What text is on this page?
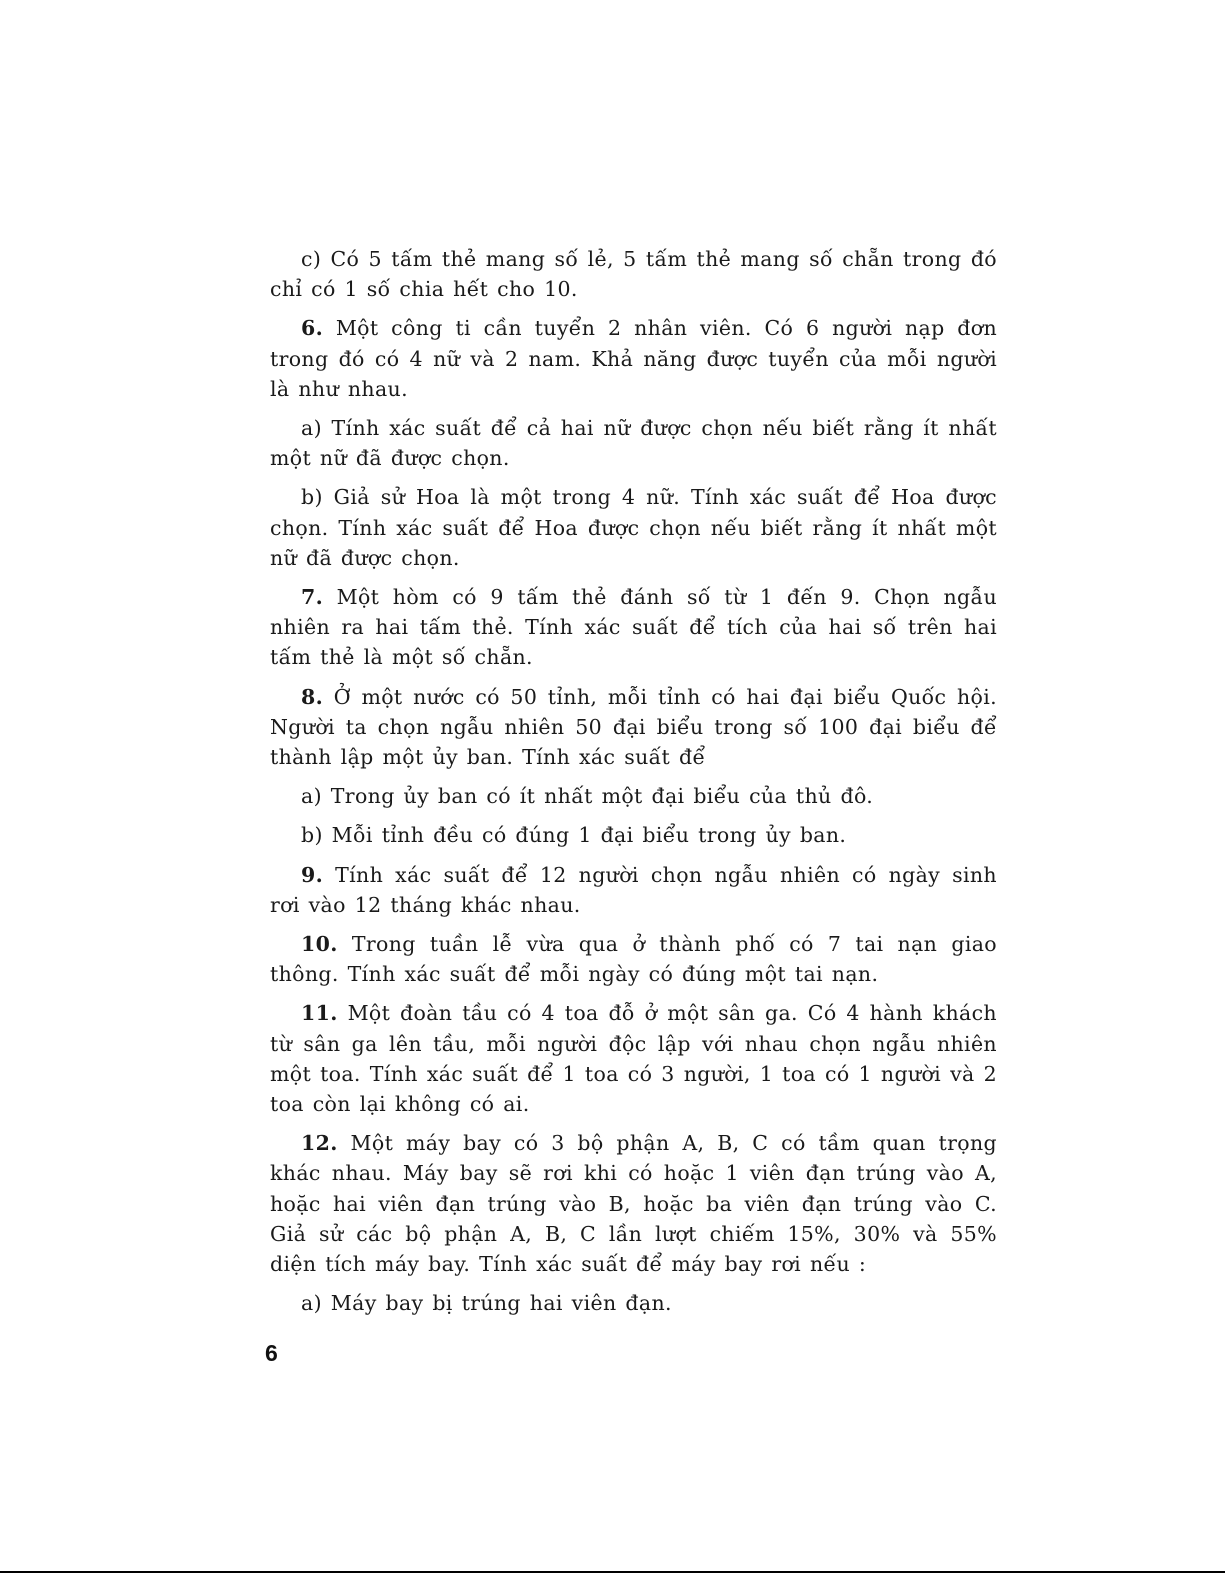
c) Có 5 tấm thẻ mang số lẻ, 5 tấm thẻ mang số chẵn trong đó chỉ có 1 số chia hết cho 10.

6. Một công ti cần tuyển 2 nhân viên. Có 6 người nạp đơn trong đó có 4 nữ và 2 nam. Khả năng được tuyển của mỗi người là như nhau.

a) Tính xác suất để cả hai nữ được chọn nếu biết rằng ít nhất một nữ đã được chọn.

b) Giả sử Hoa là một trong 4 nữ. Tính xác suất để Hoa được chọn. Tính xác suất để Hoa được chọn nếu biết rằng ít nhất một nữ đã được chọn.

7. Một hòm có 9 tấm thẻ đánh số từ 1 đến 9. Chọn ngẫu nhiên ra hai tấm thẻ. Tính xác suất để tích của hai số trên hai tấm thẻ là một số chẵn.

8. Ở một nước có 50 tỉnh, mỗi tỉnh có hai đại biểu Quốc hội. Người ta chọn ngẫu nhiên 50 đại biểu trong số 100 đại biểu để thành lập một ủy ban. Tính xác suất để

a) Trong ủy ban có ít nhất một đại biểu của thủ đô.

b) Mỗi tỉnh đều có đúng 1 đại biểu trong ủy ban.

9. Tính xác suất để 12 người chọn ngẫu nhiên có ngày sinh rơi vào 12 tháng khác nhau.

10. Trong tuần lễ vừa qua ở thành phố có 7 tai nạn giao thông. Tính xác suất để mỗi ngày có đúng một tai nạn.

11. Một đoàn tầu có 4 toa đỗ ở một sân ga. Có 4 hành khách từ sân ga lên tầu, mỗi người độc lập với nhau chọn ngẫu nhiên một toa. Tính xác suất để 1 toa có 3 người, 1 toa có 1 người và 2 toa còn lại không có ai.

12. Một máy bay có 3 bộ phận A, B, C có tầm quan trọng khác nhau. Máy bay sẽ rơi khi có hoặc 1 viên đạn trúng vào A, hoặc hai viên đạn trúng vào B, hoặc ba viên đạn trúng vào C. Giả sử các bộ phận A, B, C lần lượt chiếm 15%, 30% và 55% diện tích máy bay. Tính xác suất để máy bay rơi nếu :

a) Máy bay bị trúng hai viên đạn.

6
